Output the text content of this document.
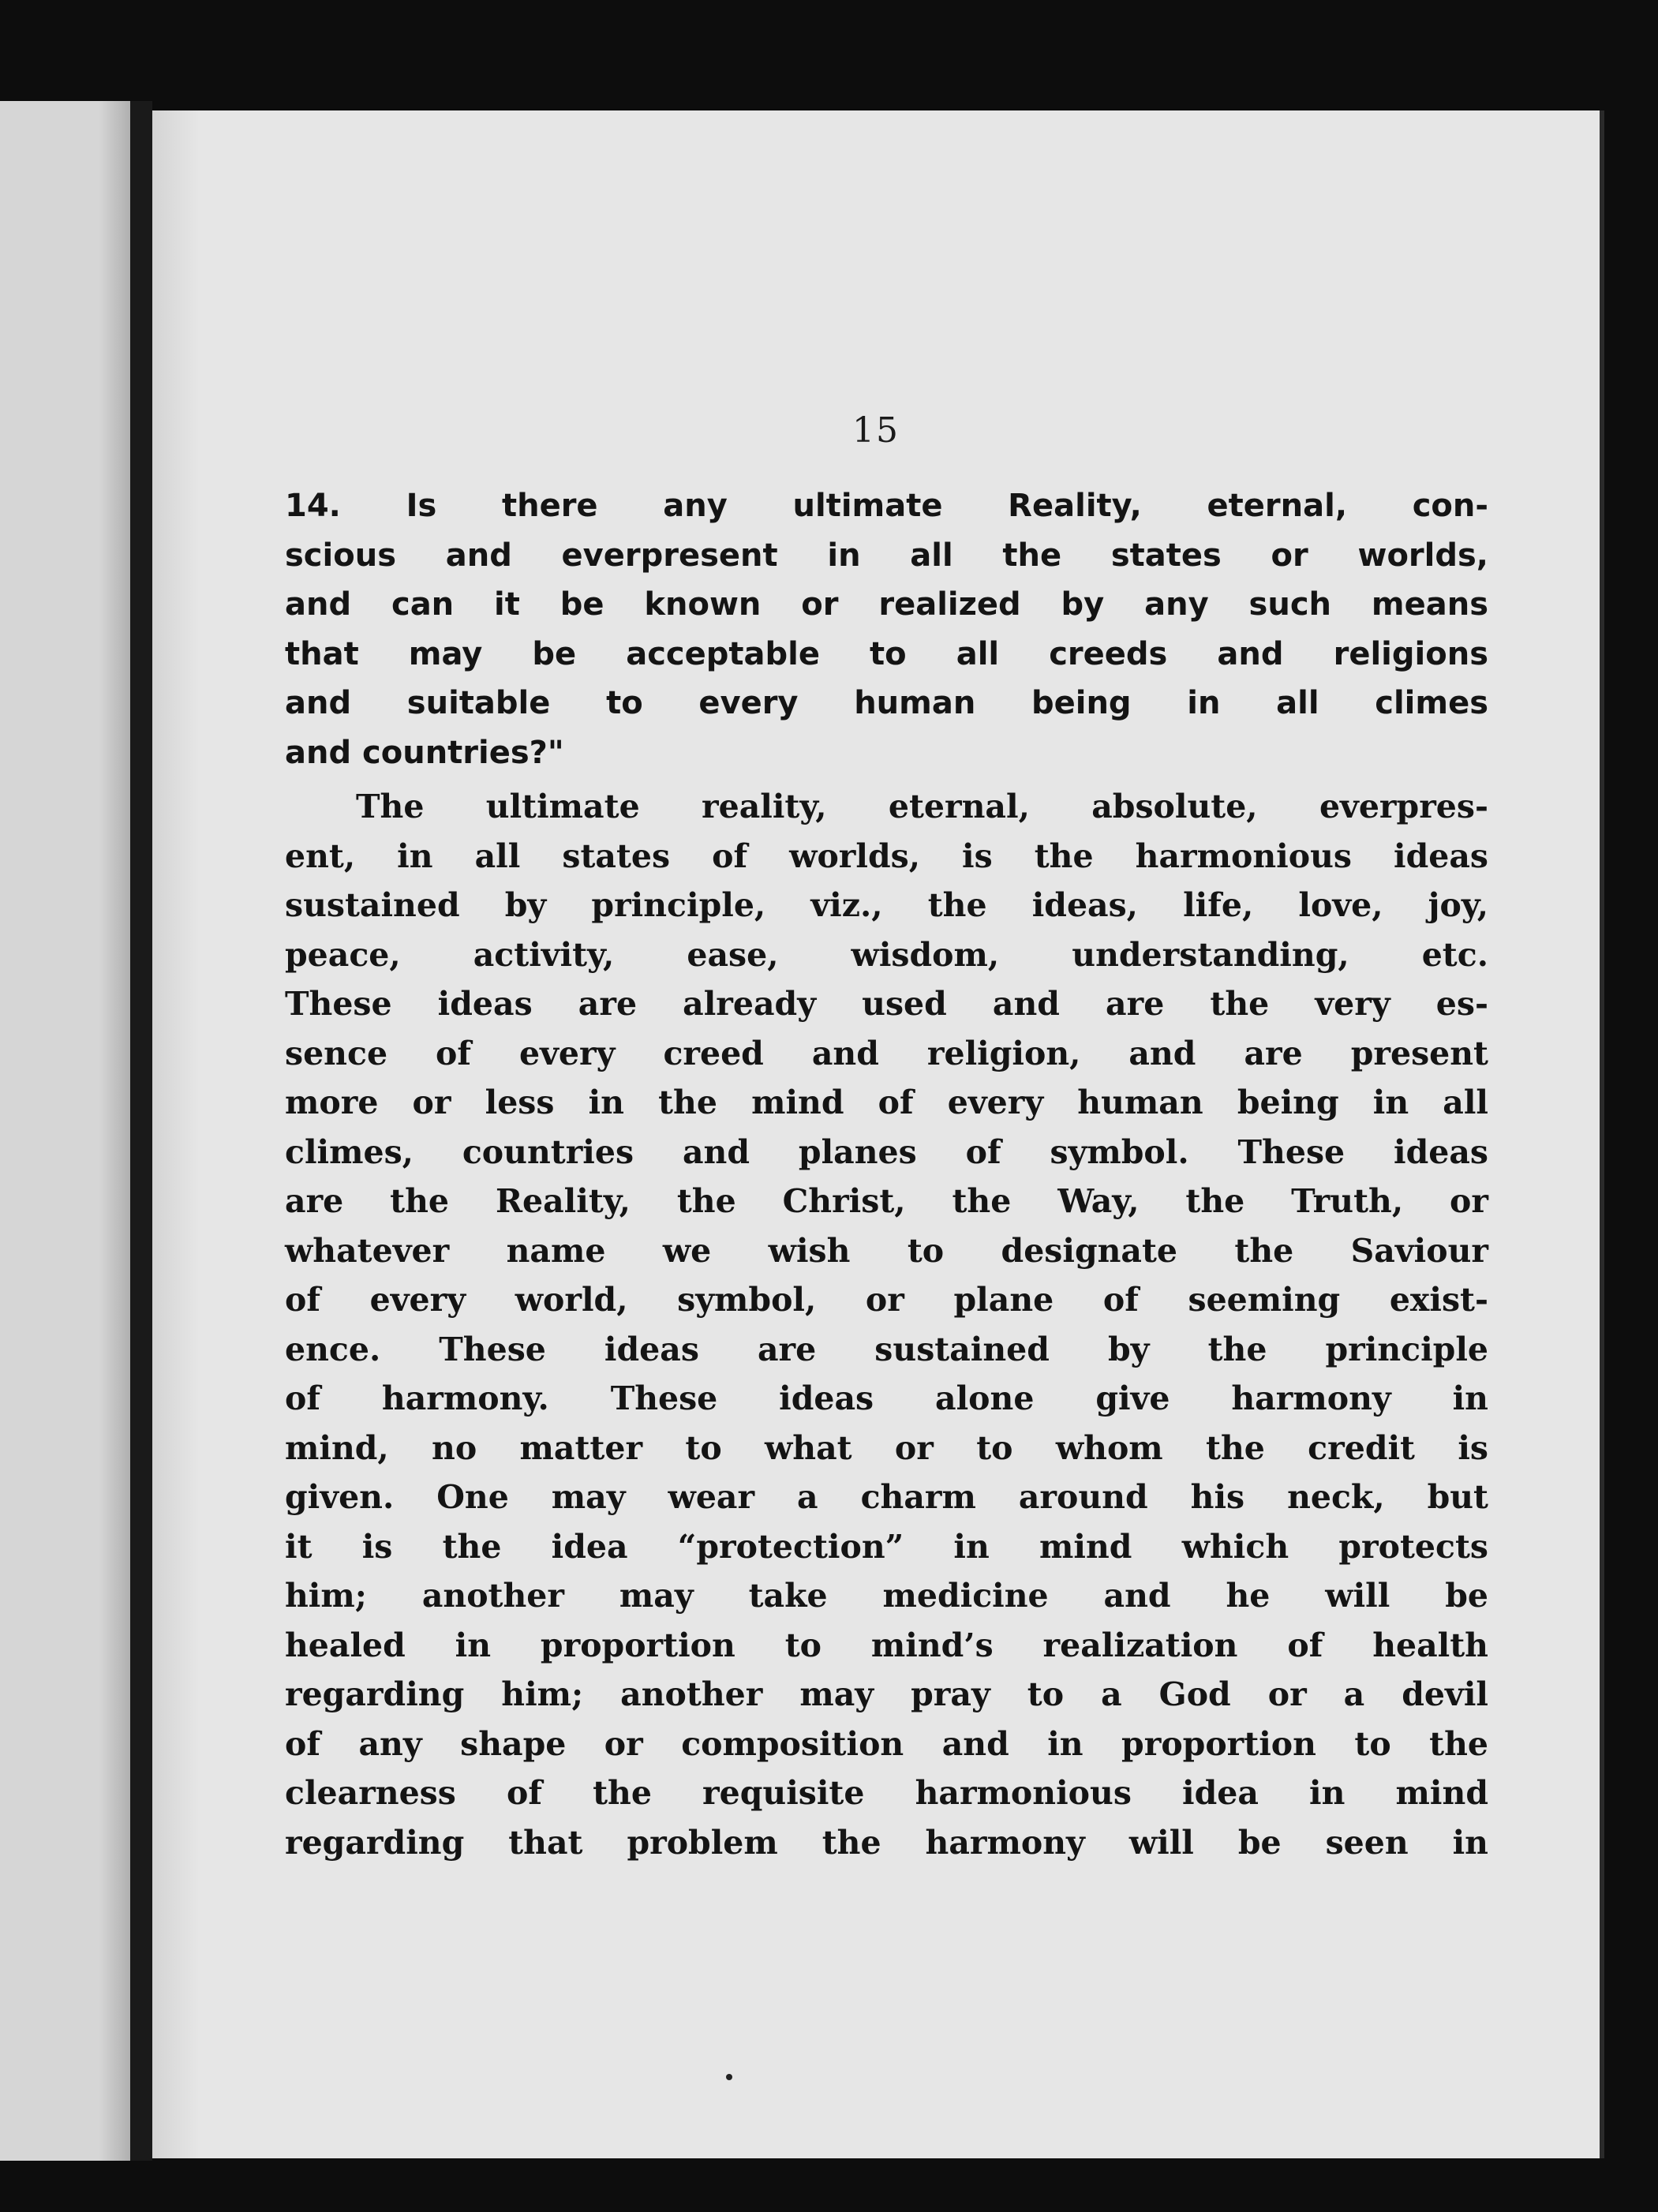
15
14. Is there any ultimate Reality, eternal, con-
scious and everpresent in all the states or worlds,
and can it be known or realized by any such means
that may be acceptable to all creeds and religions
and suitable to every human being in all climes
and countries?"
The ultimate reality, eternal, absolute, everpres-
ent, in all states of worlds, is the harmonious ideas
sustained by principle, viz., the ideas, life, love, joy,
peace, activity, ease, wisdom, understanding, etc.
These ideas are already used and are the very es-
sence of every creed and religion, and are present
more or less in the mind of every human being in all
climes, countries and planes of symbol. These ideas
are the Reality, the Christ, the Way, the Truth, or
whatever name we wish to designate the Saviour
of every world, symbol, or plane of seeming exist-
ence. These ideas are sustained by the principle
of harmony. These ideas alone give harmony in
mind, no matter to what or to whom the credit is
given. One may wear a charm around his neck, but
it is the idea “protection” in mind which protects
him; another may take medicine and he will be
healed in proportion to mind’s realization of health
regarding him; another may pray to a God or a devil
of any shape or composition and in proportion to the
clearness of the requisite harmonious idea in mind
regarding that problem the harmony will be seen in
